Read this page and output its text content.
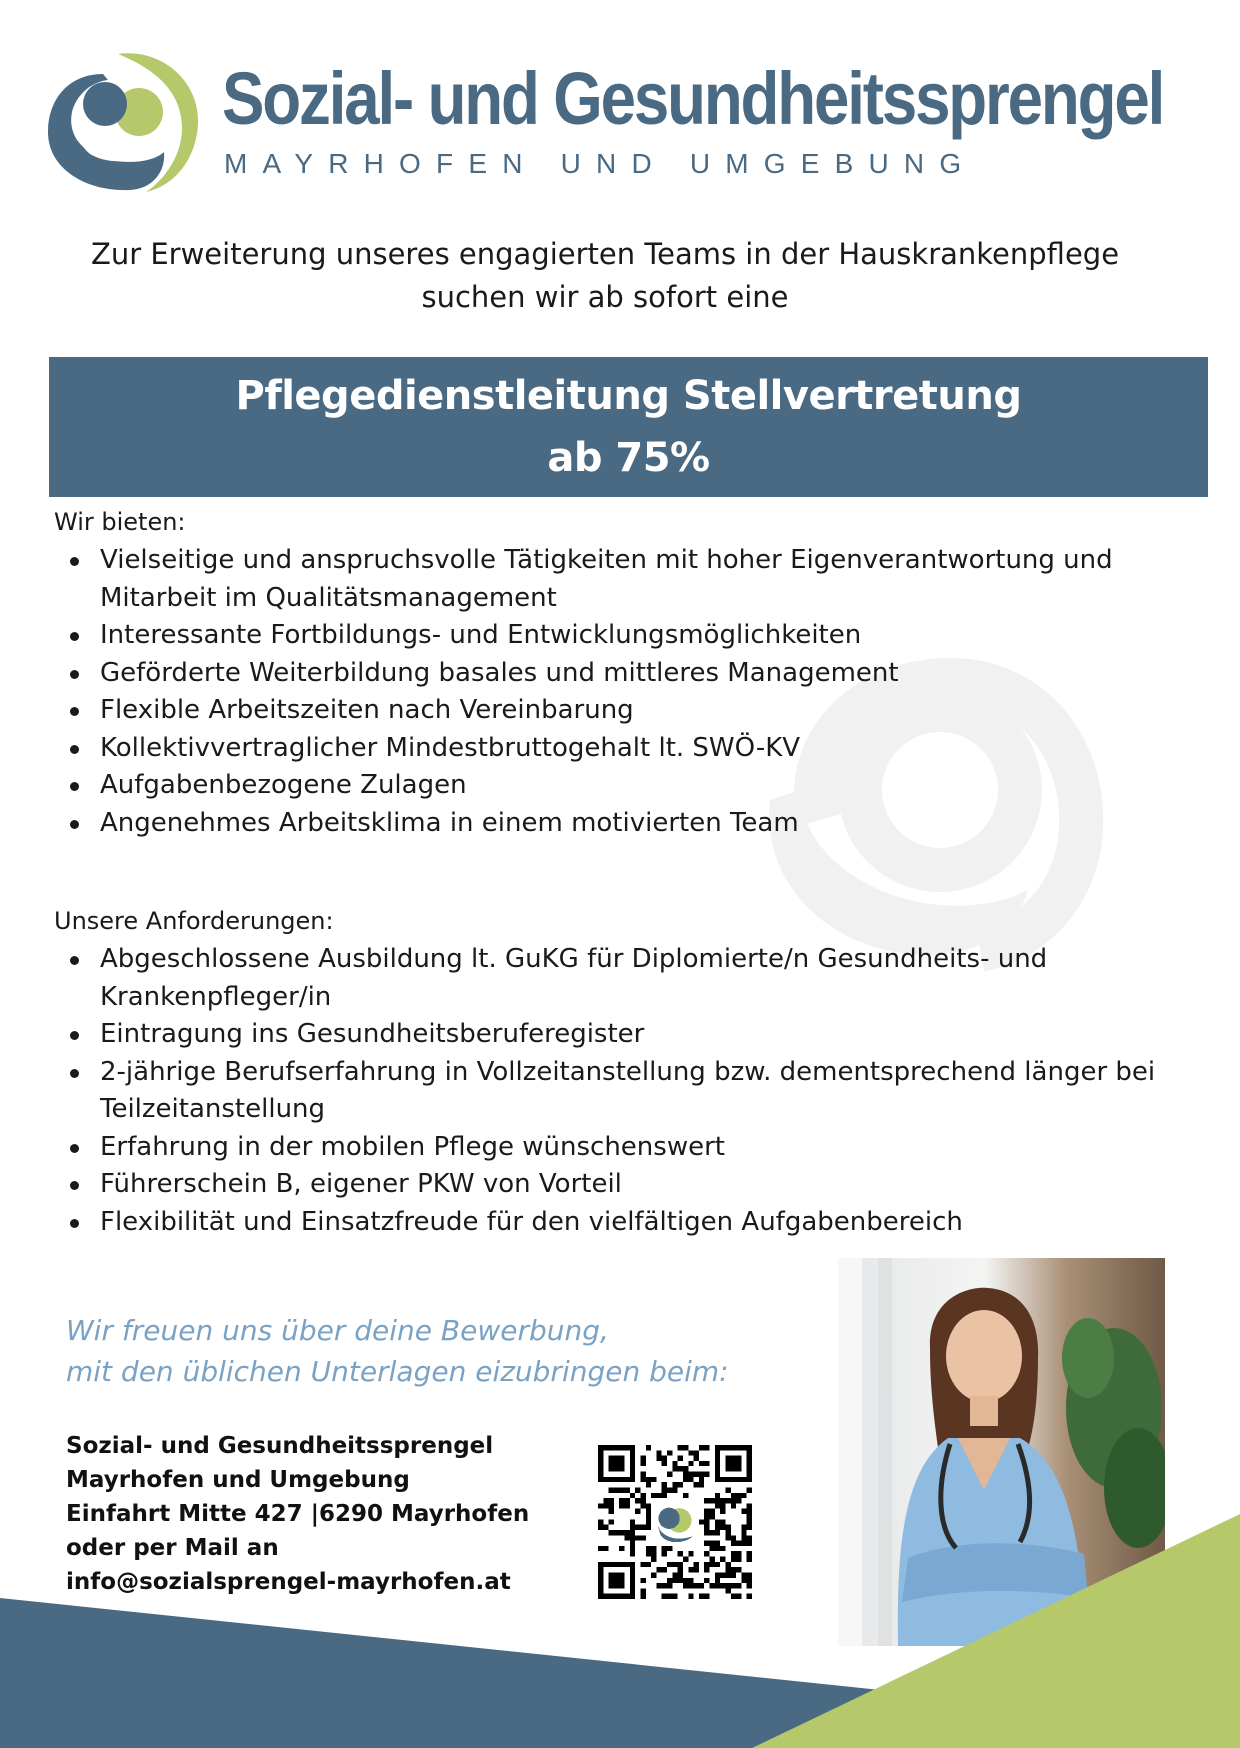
Sozial- und Gesundheitssprengel

MAYRHOFEN UND UMGEBUNG

Zur Erweiterung unseres engagierten Teams in der Hauskrankenpflege
suchen wir ab sofort eine
Pflegedienstleitung Stellvertretung
ab 75%

Wir bieten:

Vielseitige und anspruchsvolle Tätigkeiten mit hoher Eigenverantwortung und Mitarbeit im Qualitätsmanagement
Interessante Fortbildungs- und Entwicklungsmöglichkeiten
Geförderte Weiterbildung basales und mittleres Management
Flexible Arbeitszeiten nach Vereinbarung
Kollektivvertraglicher Mindestbruttogehalt lt. SWÖ-KV
Aufgabenbezogene Zulagen
Angenehmes Arbeitsklima in einem motivierten Team

Unsere Anforderungen:

Abgeschlossene Ausbildung lt. GuKG für Diplomierte/n Gesundheits- und Krankenpfleger/in
Eintragung ins Gesundheitsberuferegister
2-jährige Berufserfahrung in Vollzeitanstellung bzw. dementsprechend länger bei Teilzeitanstellung
Erfahrung in der mobilen Pflege wünschenswert
Führerschein B, eigener PKW von Vorteil
Flexibilität und Einsatzfreude für den vielfältigen Aufgabenbereich
Wir freuen uns über deine Bewerbung,
mit den üblichen Unterlagen eizubringen beim:
Sozial- und Gesundheitssprengel
Mayrhofen und Umgebung
Einfahrt Mitte 427 |6290 Mayrhofen
oder per Mail an
info@sozialsprengel-mayrhofen.at
